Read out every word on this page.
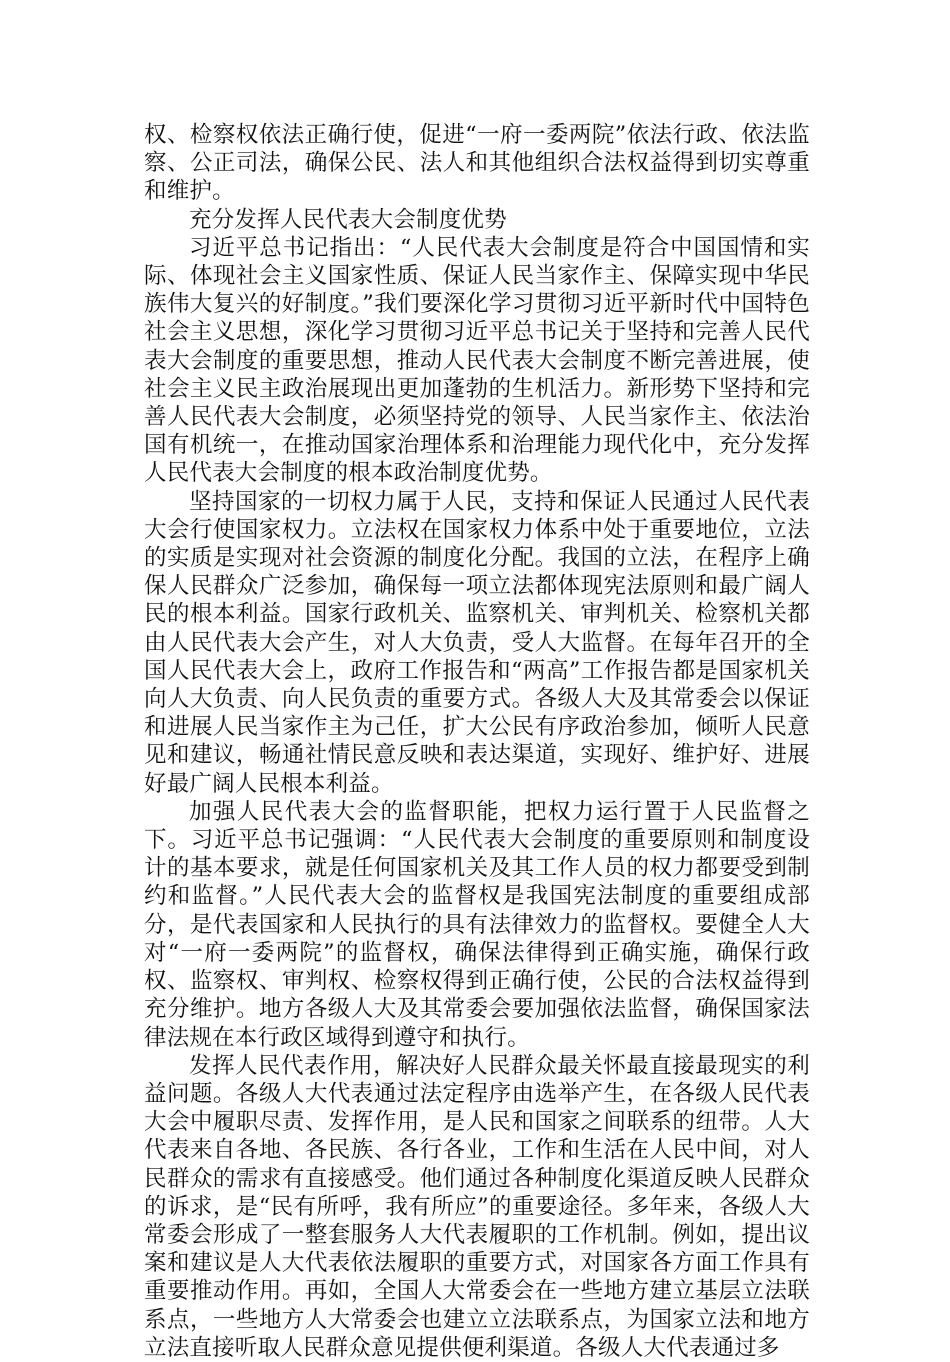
权、检察权依法正确行使，促进“一府一委两院”依法行政、依法监察、公正司法，确保公民、法人和其他组织合法权益得到切实尊重和维护。

充分发挥人民代表大会制度优势

习近平总书记指出：“人民代表大会制度是符合中国国情和实际、体现社会主义国家性质、保证人民当家作主、保障实现中华民族伟大复兴的好制度。”我们要深化学习贯彻习近平新时代中国特色社会主义思想，深化学习贯彻习近平总书记关于坚持和完善人民代表大会制度的重要思想，推动人民代表大会制度不断完善进展，使社会主义民主政治展现出更加蓬勃的生机活力。新形势下坚持和完善人民代表大会制度，必须坚持党的领导、人民当家作主、依法治国有机统一，在推动国家治理体系和治理能力现代化中，充分发挥人民代表大会制度的根本政治制度优势。

坚持国家的一切权力属于人民，支持和保证人民通过人民代表大会行使国家权力。立法权在国家权力体系中处于重要地位，立法的实质是实现对社会资源的制度化分配。我国的立法，在程序上确保人民群众广泛参加，确保每一项立法都体现宪法原则和最广阔人民的根本利益。国家行政机关、监察机关、审判机关、检察机关都由人民代表大会产生，对人大负责，受人大监督。在每年召开的全国人民代表大会上，政府工作报告和“两高”工作报告都是国家机关向人大负责、向人民负责的重要方式。各级人大及其常委会以保证和进展人民当家作主为己任，扩大公民有序政治参加，倾听人民意见和建议，畅通社情民意反映和表达渠道，实现好、维护好、进展好最广阔人民根本利益。

加强人民代表大会的监督职能，把权力运行置于人民监督之下。习近平总书记强调：“人民代表大会制度的重要原则和制度设计的基本要求，就是任何国家机关及其工作人员的权力都要受到制约和监督。”人民代表大会的监督权是我国宪法制度的重要组成部分，是代表国家和人民执行的具有法律效力的监督权。要健全人大对“一府一委两院”的监督权，确保法律得到正确实施，确保行政权、监察权、审判权、检察权得到正确行使，公民的合法权益得到充分维护。地方各级人大及其常委会要加强依法监督，确保国家法律法规在本行政区域得到遵守和执行。

发挥人民代表作用，解决好人民群众最关怀最直接最现实的利益问题。各级人大代表通过法定程序由选举产生，在各级人民代表大会中履职尽责、发挥作用，是人民和国家之间联系的纽带。人大代表来自各地、各民族、各行各业，工作和生活在人民中间，对人民群众的需求有直接感受。他们通过各种制度化渠道反映人民群众的诉求，是“民有所呼，我有所应”的重要途径。多年来，各级人大常委会形成了一整套服务人大代表履职的工作机制。例如，提出议案和建议是人大代表依法履职的重要方式，对国家各方面工作具有重要推动作用。再如，全国人大常委会在一些地方建立基层立法联系点，一些地方人大常委会也建立立法联系点，为国家立法和地方立法直接听取人民群众意见提供便利渠道。各级人大代表通过多
